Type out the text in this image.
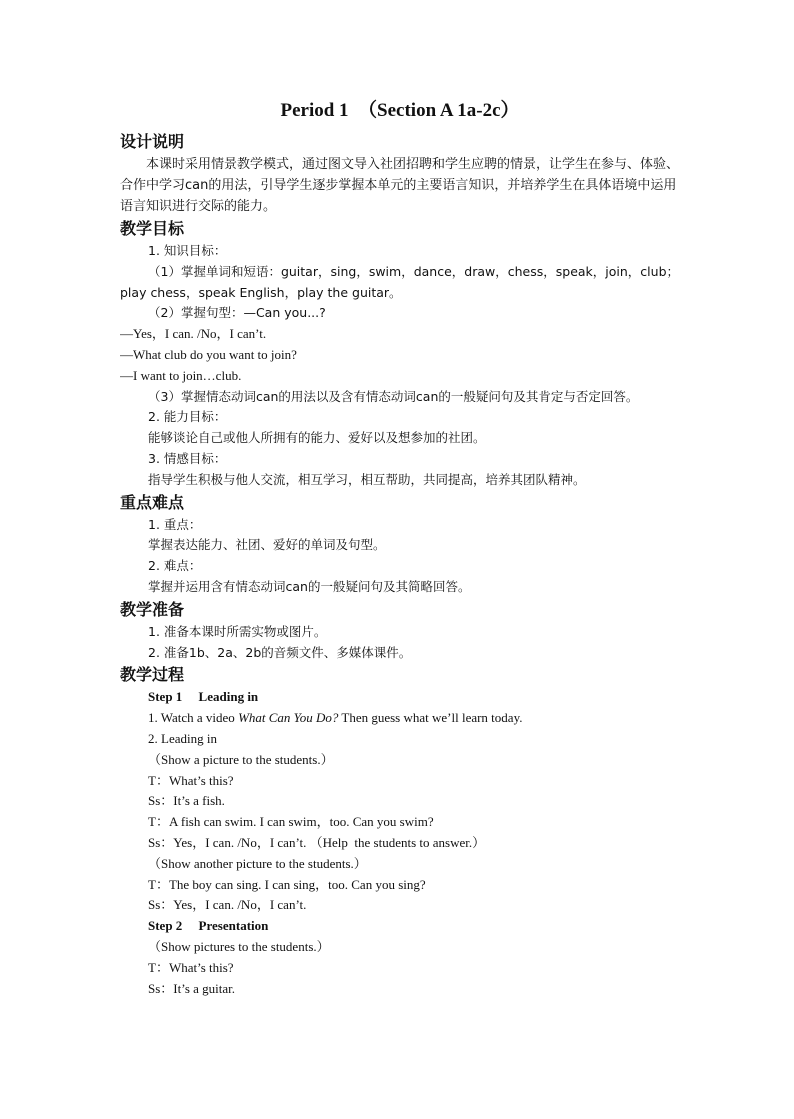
Period 1　（Section A 1a-2c）
设计说明

本课时采用情景教学模式，通过图文导入社团招聘和学生应聘的情景，让学生在参与、体验、合作中学习can的用法，引导学生逐步掌握本单元的主要语言知识，并培养学生在具体语境中运用语言知识进行交际的能力。

教学目标
1. 知识目标：

（1）掌握单词和短语：guitar，sing，swim，dance，draw，chess，speak，join，club；play chess，speak English，play the guitar。

（2）掌握句型：—Can you...?
—Yes，I can. /No，I can’t.
—What club do you want to join?
—I want to join…club.
（3）掌握情态动词can的用法以及含有情态动词can的一般疑问句及其肯定与否定回答。
2. 能力目标：
能够谈论自己或他人所拥有的能力、爱好以及想参加的社团。
3. 情感目标：
指导学生积极与他人交流，相互学习，相互帮助，共同提高，培养其团队精神。
重点难点
1. 重点：
掌握表达能力、社团、爱好的单词及句型。
2. 难点：
掌握并运用含有情态动词can的一般疑问句及其简略回答。
教学准备
1. 准备本课时所需实物或图片。
2. 准备1b、2a、2b的音频文件、多媒体课件。
教学过程
Step 1　 Leading in
1. Watch a video What Can You Do? Then guess what we’ll learn today.
2. Leading in
（Show a picture to the students.）
T：What’s this?
Ss：It’s a fish.
T：A fish can swim. I can swim，too. Can you swim?
Ss：Yes，I can. /No，I can’t. （Help  the students to answer.）
（Show another picture to the students.）
T：The boy can sing. I can sing，too. Can you sing?
Ss：Yes，I can. /No，I can’t.
Step 2　 Presentation
（Show pictures to the students.）
T：What’s this?
Ss：It’s a guitar.
